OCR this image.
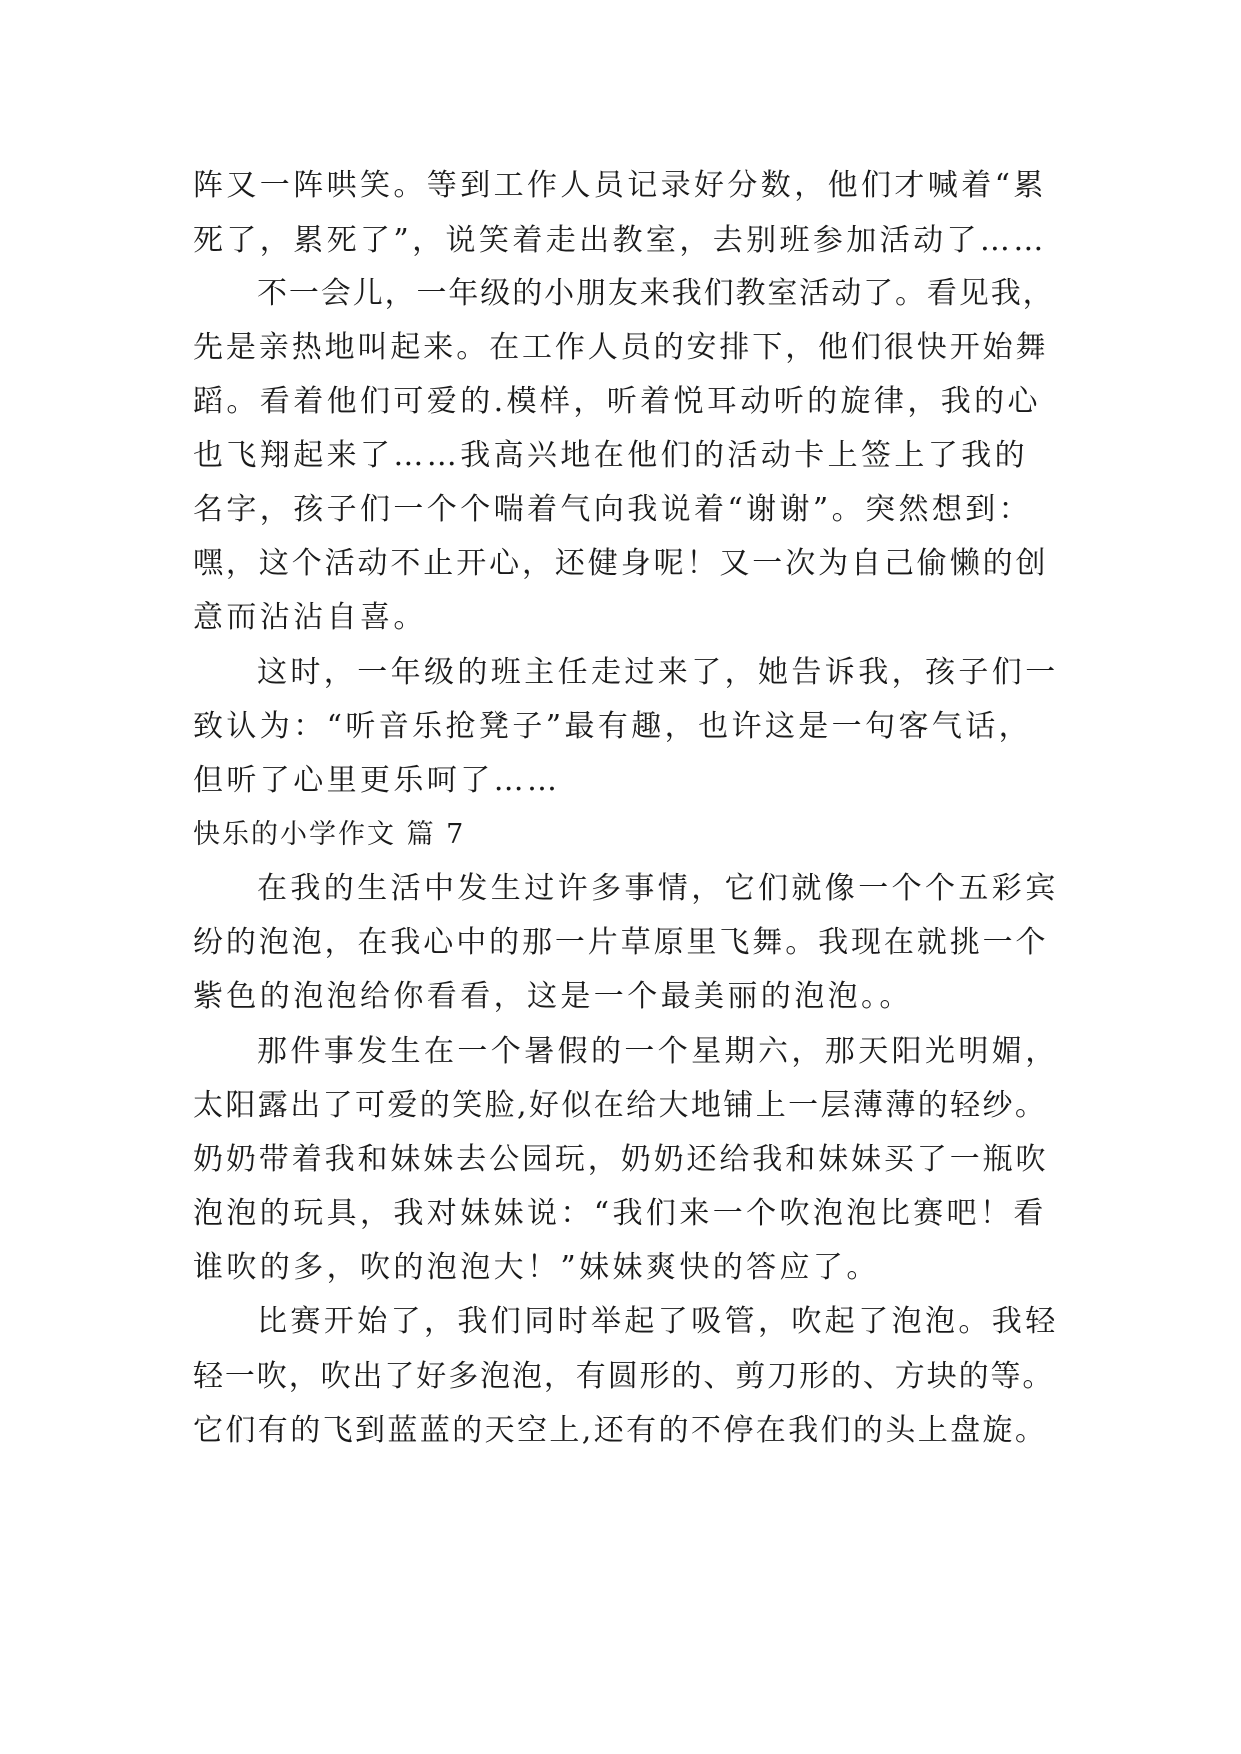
阵又一阵哄笑。等到工作人员记录好分数，他们才喊着“累
死了，累死了”，说笑着走出教室，去别班参加活动了……
不一会儿，一年级的小朋友来我们教室活动了。看见我，
先是亲热地叫起来。在工作人员的安排下，他们很快开始舞
蹈。看着他们可爱的.模样，听着悦耳动听的旋律，我的心
也飞翔起来了……我高兴地在他们的活动卡上签上了我的
名字，孩子们一个个喘着气向我说着“谢谢”。突然想到：
嘿，这个活动不止开心，还健身呢！又一次为自己偷懒的创
意而沾沾自喜。
这时，一年级的班主任走过来了，她告诉我，孩子们一
致认为：“听音乐抢凳子”最有趣，也许这是一句客气话，
但听了心里更乐呵了……
快乐的小学作文 篇 7
在我的生活中发生过许多事情，它们就像一个个五彩宾
纷的泡泡，在我心中的那一片草原里飞舞。我现在就挑一个
紫色的泡泡给你看看，这是一个最美丽的泡泡。。
那件事发生在一个暑假的一个星期六，那天阳光明媚，
太阳露出了可爱的笑脸,好似在给大地铺上一层薄薄的轻纱。
奶奶带着我和妹妹去公园玩，奶奶还给我和妹妹买了一瓶吹
泡泡的玩具，我对妹妹说：“我们来一个吹泡泡比赛吧！看
谁吹的多，吹的泡泡大！”妹妹爽快的答应了。
比赛开始了，我们同时举起了吸管，吹起了泡泡。我轻
轻一吹，吹出了好多泡泡，有圆形的、剪刀形的、方块的等。
它们有的飞到蓝蓝的天空上,还有的不停在我们的头上盘旋。
